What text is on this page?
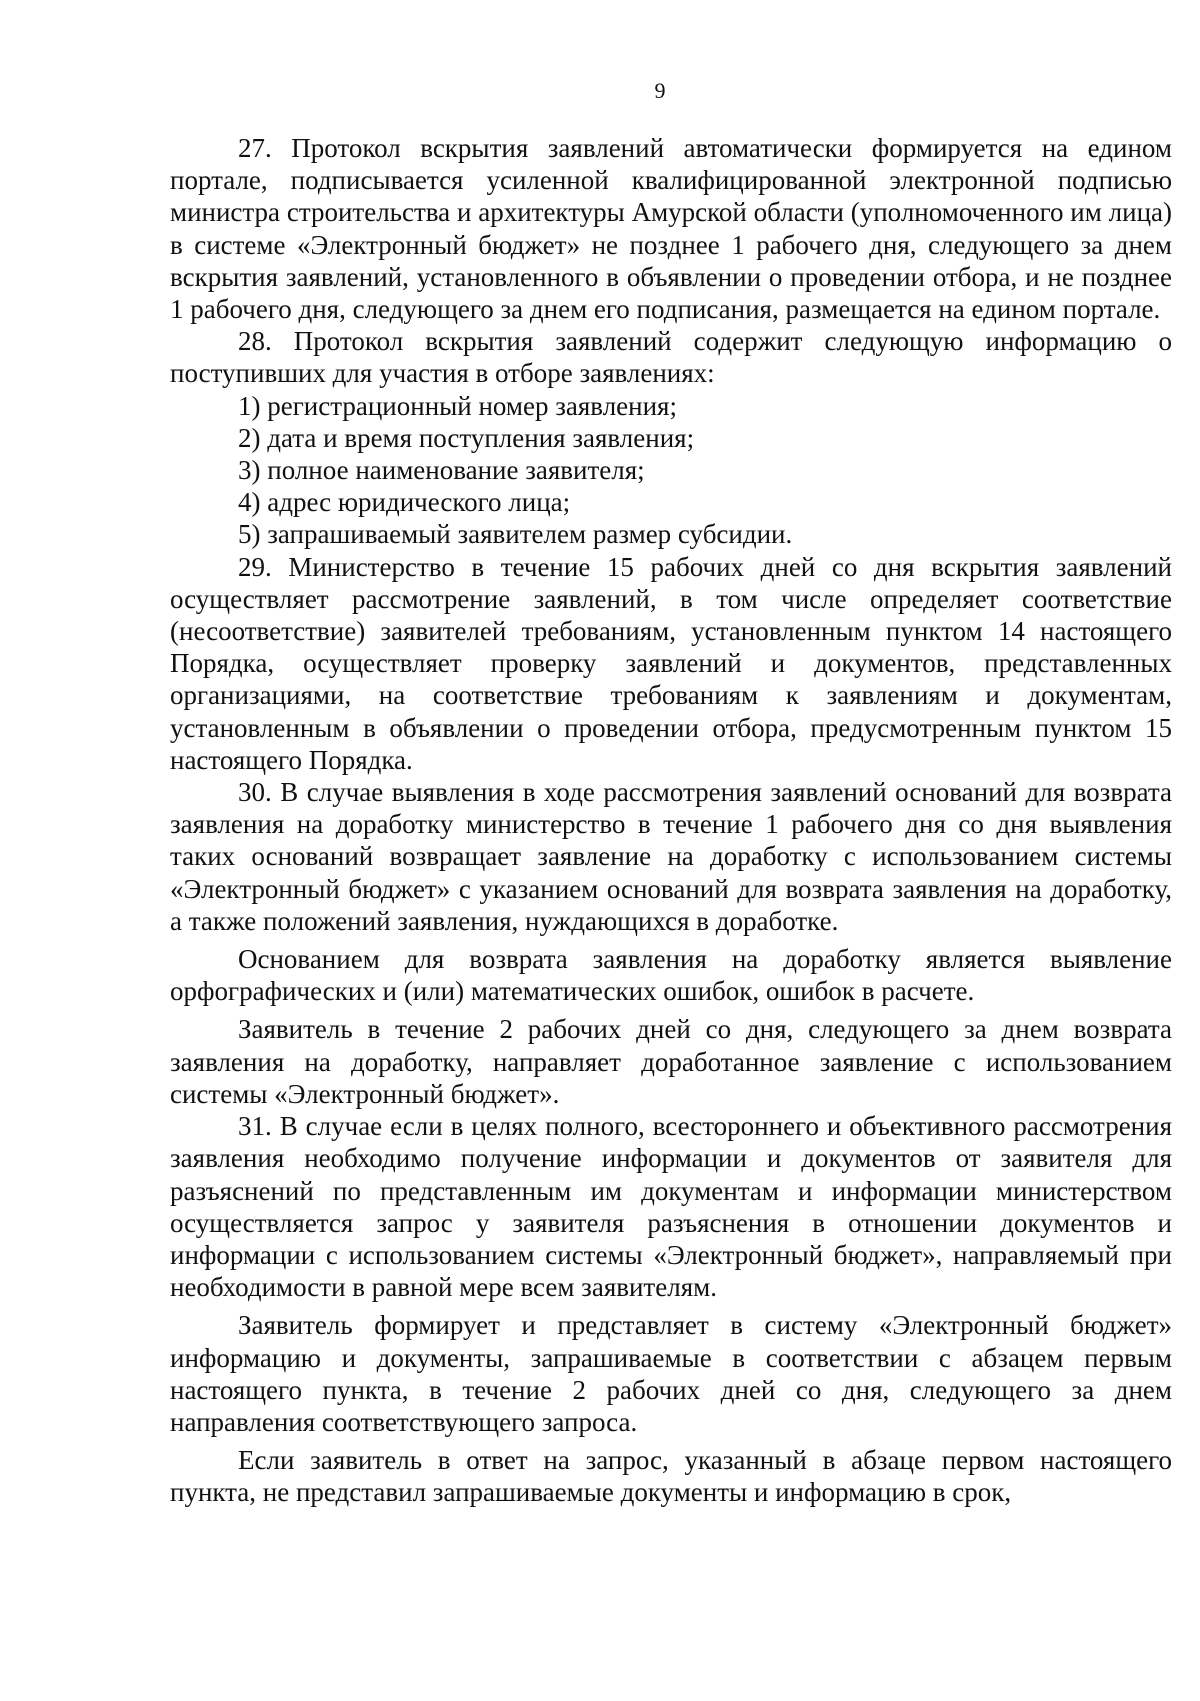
9

27. Протокол вскрытия заявлений автоматически формируется на едином портале, подписывается усиленной квалифицированной электронной подписью министра строительства и архитектуры Амурской области (уполномоченного им лица) в системе «Электронный бюджет» не позднее 1 рабочего дня, следующего за днем вскрытия заявлений, установленного в объявлении о проведении отбора, и не позднее 1 рабочего дня, следующего за днем его подписания, размещается на едином портале.

28. Протокол вскрытия заявлений содержит следующую информацию о поступивших для участия в отборе заявлениях:

1) регистрационный номер заявления;

2) дата и время поступления заявления;

3) полное наименование заявителя;

4) адрес юридического лица;

5) запрашиваемый заявителем размер субсидии.

29. Министерство в течение 15 рабочих дней со дня вскрытия заявлений осуществляет рассмотрение заявлений, в том числе определяет соответствие (несоответствие) заявителей требованиям, установленным пунктом 14 настоящего Порядка, осуществляет проверку заявлений и документов, представленных организациями, на соответствие требованиям к заявлениям и документам, установленным в объявлении о проведении отбора, предусмотренным пунктом 15 настоящего Порядка.

30. В случае выявления в ходе рассмотрения заявлений оснований для возврата заявления на доработку министерство в течение 1 рабочего дня со дня выявления таких оснований возвращает заявление на доработку с использованием системы «Электронный бюджет» с указанием оснований для возврата заявления на доработку, а также положений заявления, нуждающихся в доработке.

Основанием для возврата заявления на доработку является выявление орфографических и (или) математических ошибок, ошибок в расчете.

Заявитель в течение 2 рабочих дней со дня, следующего за днем возврата заявления на доработку, направляет доработанное заявление с использованием системы «Электронный бюджет».

31. В случае если в целях полного, всестороннего и объективного рассмотрения заявления необходимо получение информации и документов от заявителя для разъяснений по представленным им документам и информации министерством осуществляется запрос у заявителя разъяснения в отношении документов и информации с использованием системы «Электронный бюджет», направляемый при необходимости в равной мере всем заявителям.

Заявитель формирует и представляет в систему «Электронный бюджет» информацию и документы, запрашиваемые в соответствии с абзацем первым настоящего пункта, в течение 2 рабочих дней со дня, следующего за днем направления соответствующего запроса.

Если заявитель в ответ на запрос, указанный в абзаце первом настоящего пункта, не представил запрашиваемые документы и информацию в срок,
